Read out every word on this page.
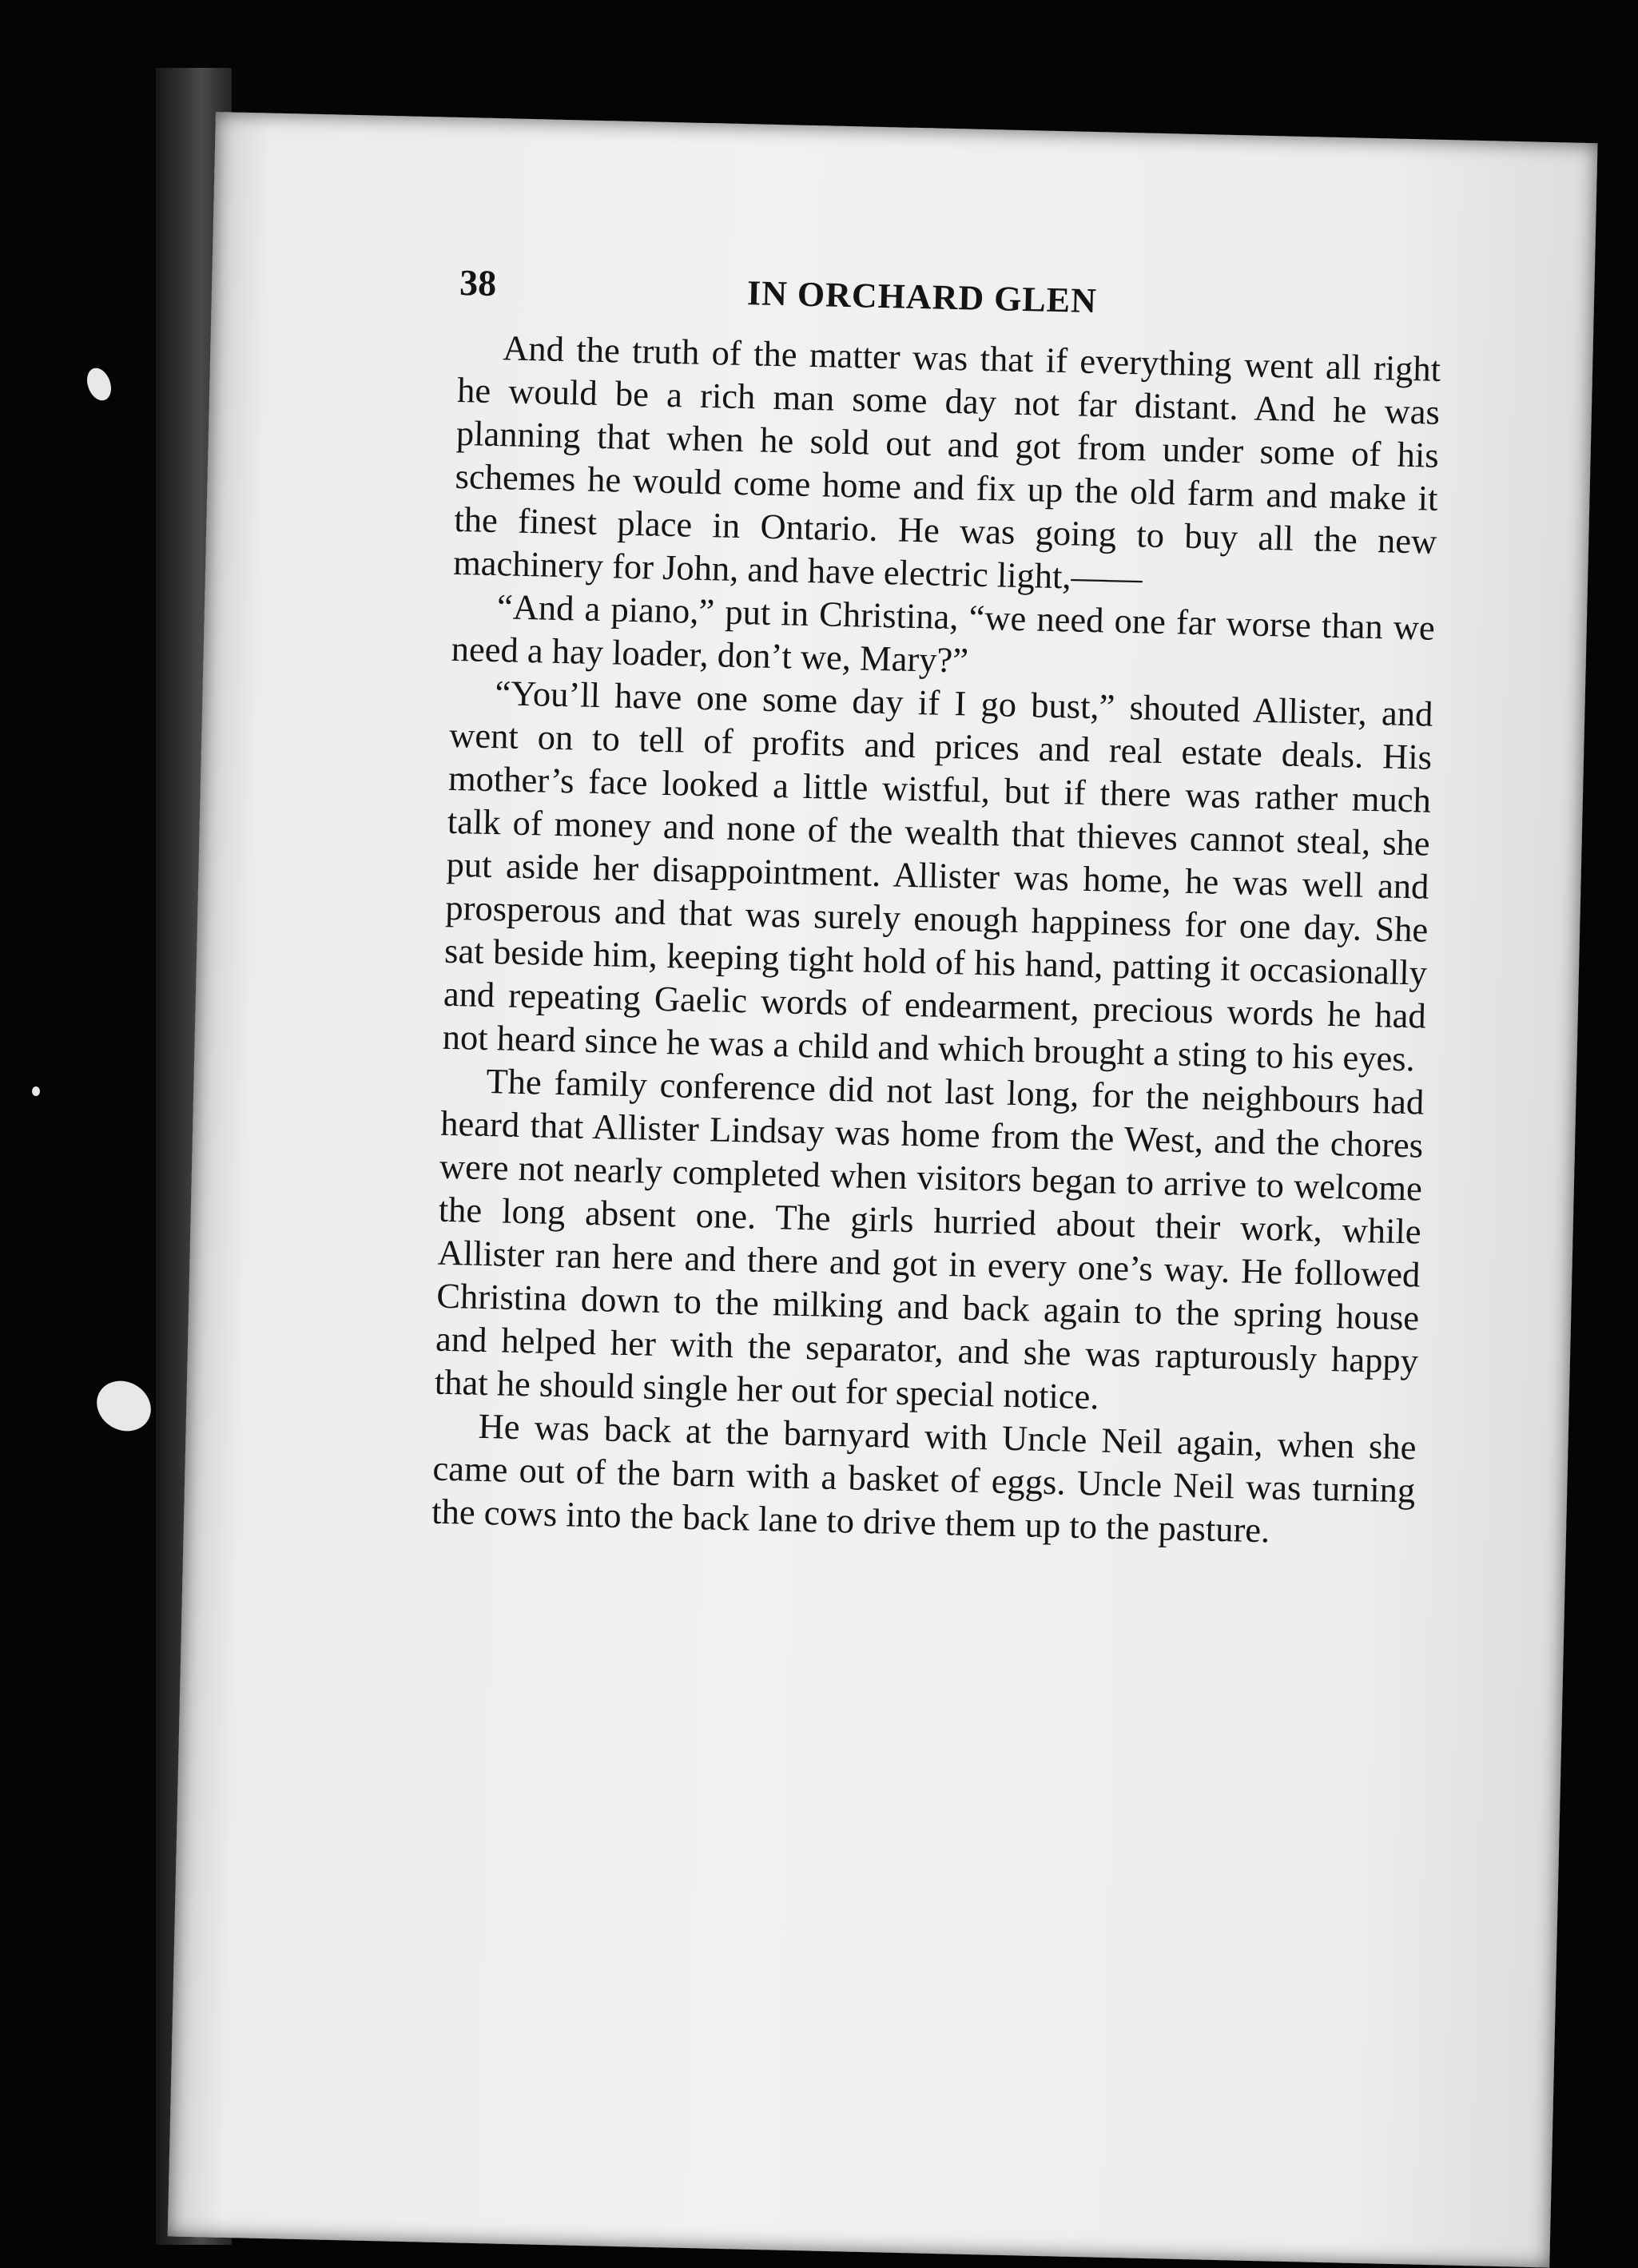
38	IN ORCHARD GLEN

And the truth of the matter was that if everything went all right he would be a rich man some day not far distant. And he was planning that when he sold out and got from under some of his schemes he would come home and fix up the old farm and make it the finest place in Ontario. He was going to buy all the new machinery for John, and have electric light,——

“And a piano,” put in Christina, “we need one far worse than we need a hay loader, don’t we, Mary?”

“You’ll have one some day if I go bust,” shouted Allister, and went on to tell of profits and prices and real estate deals. His mother’s face looked a little wistful, but if there was rather much talk of money and none of the wealth that thieves cannot steal, she put aside her disappointment. Allister was home, he was well and prosperous and that was surely enough happiness for one day. She sat beside him, keeping tight hold of his hand, patting it occasionally and repeating Gaelic words of endearment, precious words he had not heard since he was a child and which brought a sting to his eyes.

The family conference did not last long, for the neighbours had heard that Allister Lindsay was home from the West, and the chores were not nearly completed when visitors began to arrive to welcome the long absent one. The girls hurried about their work, while Allister ran here and there and got in every one’s way. He followed Christina down to the milking and back again to the spring house and helped her with the separator, and she was rapturously happy that he should single her out for special notice.

He was back at the barnyard with Uncle Neil again, when she came out of the barn with a basket of eggs. Uncle Neil was turning the cows into the back lane to drive them up to the pasture.
